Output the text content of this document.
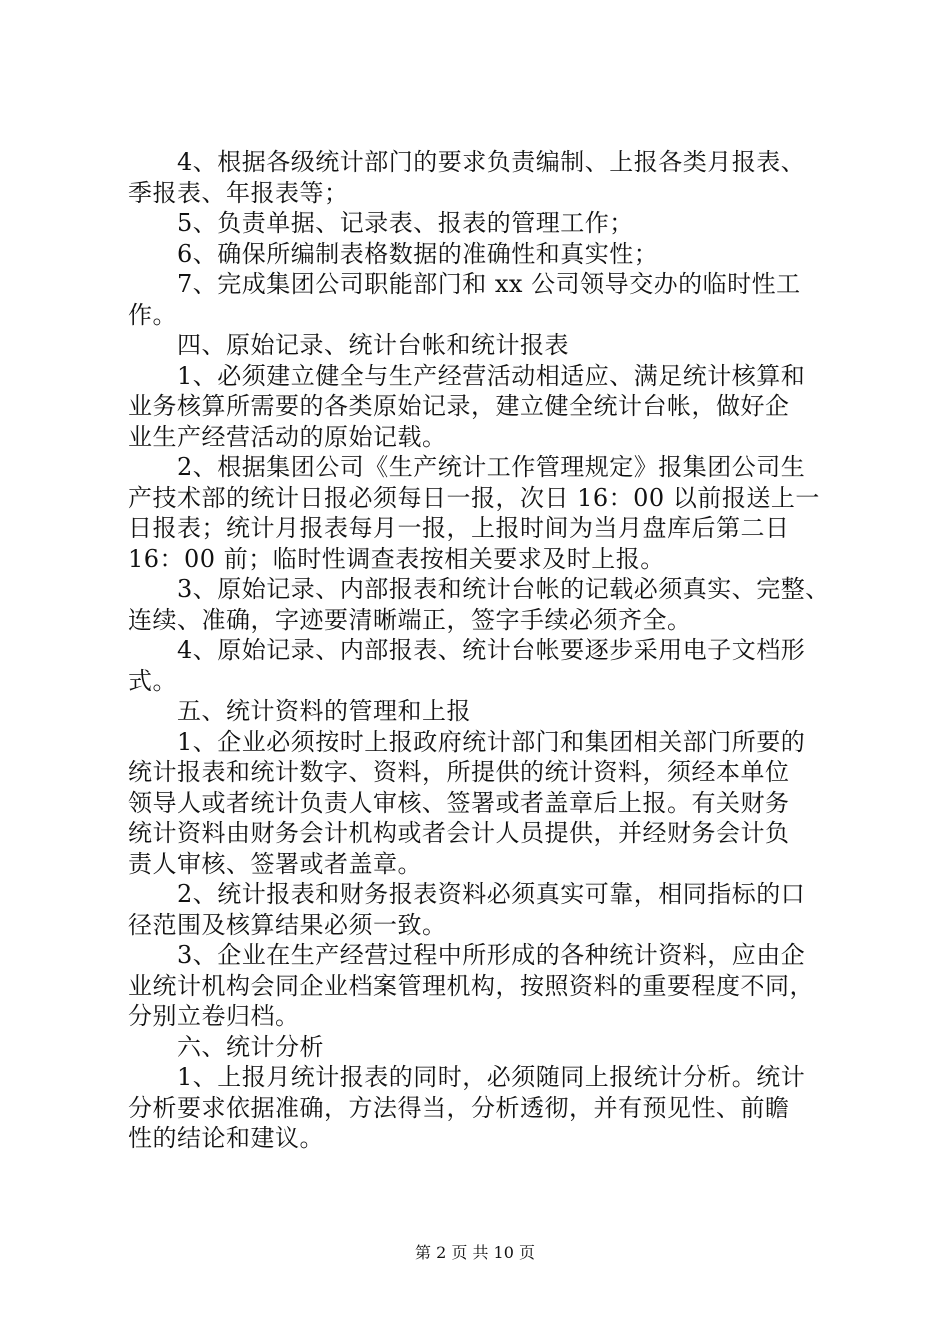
4、根据各级统计部门的要求负责编制、上报各类月报表、
季报表、年报表等；
5、负责单据、记录表、报表的管理工作；
6、确保所编制表格数据的准确性和真实性；
7、完成集团公司职能部门和 xx 公司领导交办的临时性工
作。
四、原始记录、统计台帐和统计报表
1、必须建立健全与生产经营活动相适应、满足统计核算和
业务核算所需要的各类原始记录，建立健全统计台帐，做好企
业生产经营活动的原始记载。
2、根据集团公司《生产统计工作管理规定》报集团公司生
产技术部的统计日报必须每日一报，次日 16：00 以前报送上一
日报表；统计月报表每月一报，上报时间为当月盘库后第二日
16：00 前；临时性调查表按相关要求及时上报。
3、原始记录、内部报表和统计台帐的记载必须真实、完整、
连续、准确，字迹要清晰端正，签字手续必须齐全。
4、原始记录、内部报表、统计台帐要逐步采用电子文档形
式。
五、统计资料的管理和上报
1、企业必须按时上报政府统计部门和集团相关部门所要的
统计报表和统计数字、资料，所提供的统计资料，须经本单位
领导人或者统计负责人审核、签署或者盖章后上报。有关财务
统计资料由财务会计机构或者会计人员提供，并经财务会计负
责人审核、签署或者盖章。
2、统计报表和财务报表资料必须真实可靠，相同指标的口
径范围及核算结果必须一致。
3、企业在生产经营过程中所形成的各种统计资料，应由企
业统计机构会同企业档案管理机构，按照资料的重要程度不同，
分别立卷归档。
六、统计分析
1、上报月统计报表的同时，必须随同上报统计分析。统计
分析要求依据准确，方法得当，分析透彻，并有预见性、前瞻
性的结论和建议。
第 2 页 共 10 页
